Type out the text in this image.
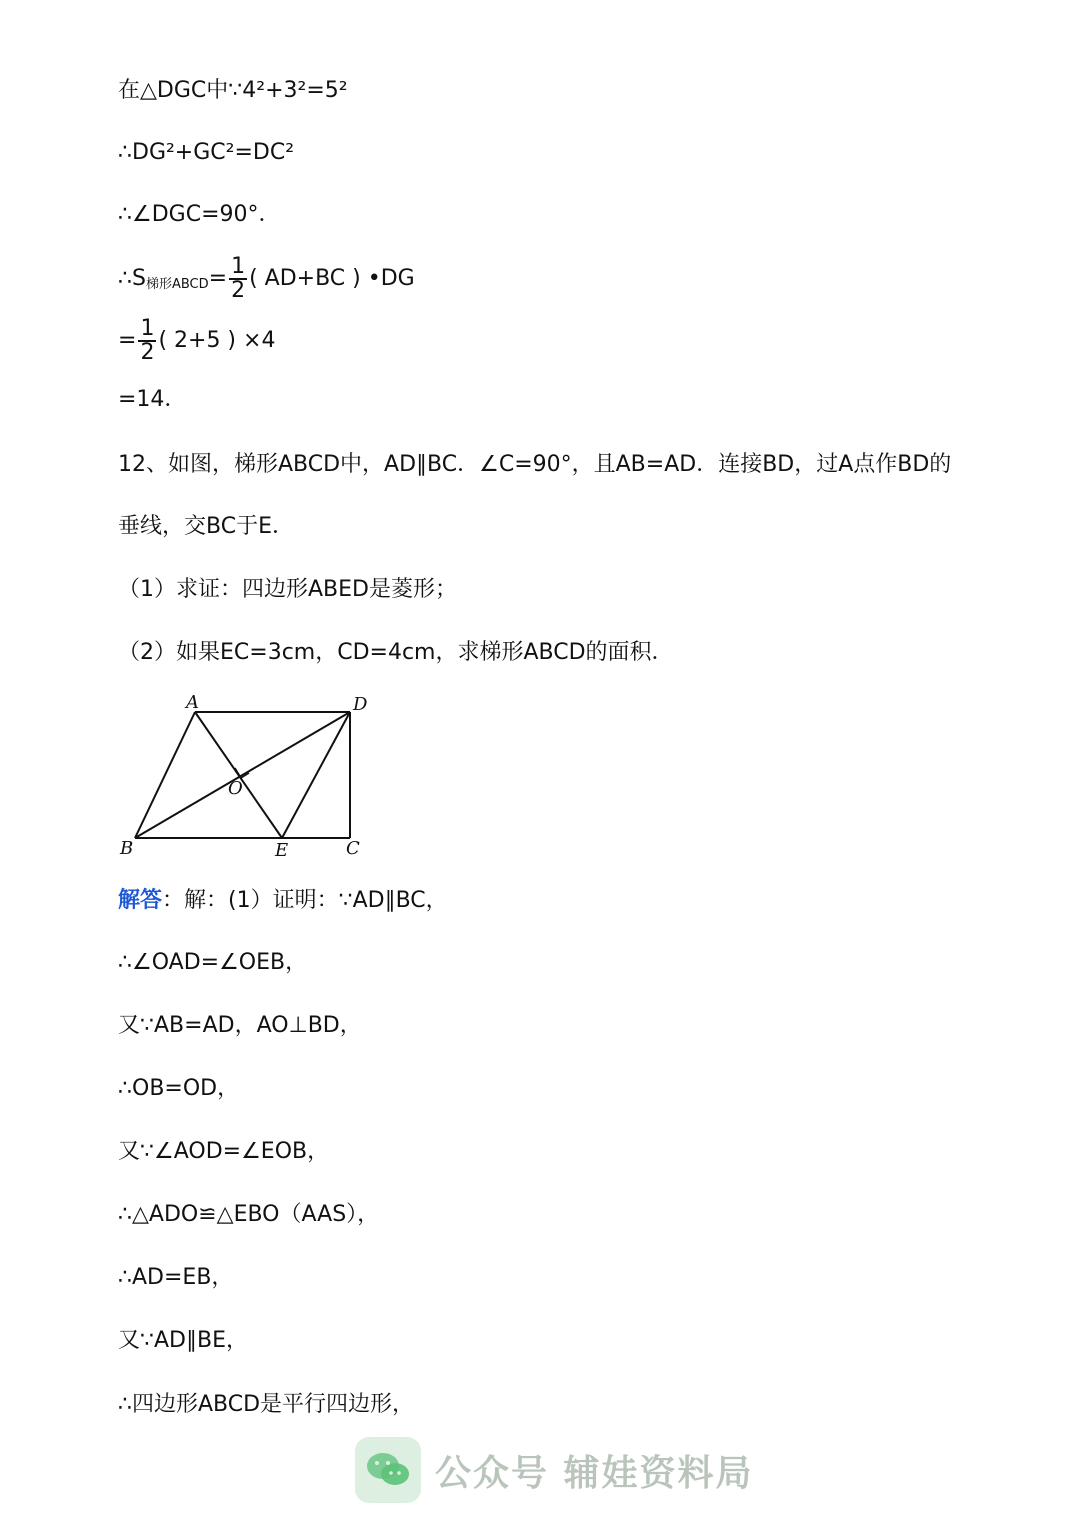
在△DGC中∵4²+3²=5²
∴DG²+GC²=DC²
∴∠DGC=90°．
$\therefore S_{梯形ABCD}= \frac{1}{2}$ ( AD+BC ) •DG
= $\frac{1}{2}$ ( 2+5 ) ×4
=14．
12、如图，梯形ABCD中，AD∥BC．∠C=90°，且AB=AD．连接BD，过A点作BD的
垂线，交BC于E．
（1）求证：四边形ABED是菱形；
（2）如果EC=3cm，CD=4cm，求梯形ABCD的面积．
A	D
O
B	E	C
解答：解：(1）证明：∵AD∥BC，
∴∠OAD=∠OEB，
又∵AB=AD，AO⊥BD，
∴OB=OD，
又∵∠AOD=∠EOB，
∴△ADO≌△EBO（AAS），
∴AD=EB，
又∵AD∥BE，
∴四边形ABCD是平行四边形，
公众号 辅娃资料局
